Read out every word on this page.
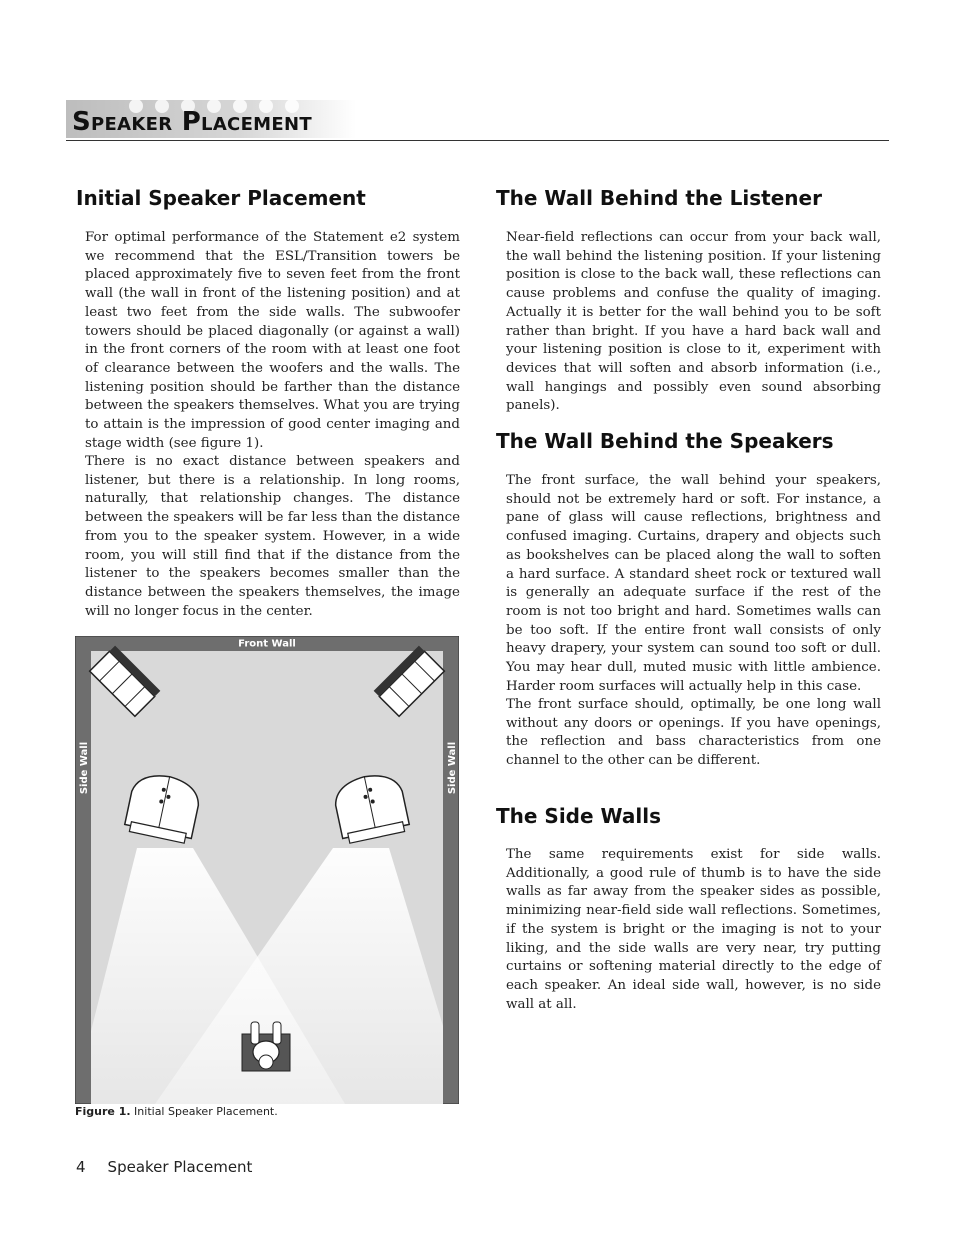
Speaker Placement
Initial Speaker Placement

For optimal performance of the Statement e2 system we recommend that the ESL/Transition towers be placed approximately five to seven feet from the front wall (the wall in front of the listening position) and at least two feet from the side walls. The subwoofer towers should be placed diagonally (or against a wall) in the front corners of the room with at least one foot of clearance between the woofers and the walls. The listening position should be farther than the distance between the speakers themselves. What you are trying to attain is the impression of good center imaging and stage width (see figure 1).

There is no exact distance between speakers and listener, but there is a relationship. In long rooms, naturally, that relationship changes. The distance between the speakers will be far less than the distance from you to the speaker system. However, in a wide room, you will still find that if the distance from the listener to the speakers becomes smaller than the distance between the speakers themselves, the image will no longer focus in the center.

Front Wall
Side Wall	Side Wall

Figure 1. Initial Speaker Placement.

The Wall Behind the Listener

Near-field reflections can occur from your back wall, the wall behind the listening position. If your listening position is close to the back wall, these reflections can cause problems and confuse the quality of imaging. Actually it is better for the wall behind you to be soft rather than bright. If you have a hard back wall and your listening position is close to it, experiment with devices that will soften and absorb information (i.e., wall hangings and possibly even sound absorbing panels).

The Wall Behind the Speakers

The front surface, the wall behind your speakers, should not be extremely hard or soft. For instance, a pane of glass will cause reflections, brightness and confused imaging. Curtains, drapery and objects such as bookshelves can be placed along the wall to soften a hard surface. A standard sheet rock or textured wall is generally an adequate surface if the rest of the room is not too bright and hard. Sometimes walls can be too soft. If the entire front wall consists of only heavy drapery, your system can sound too soft or dull. You may hear dull, muted music with little ambience. Harder room surfaces will actually help in this case.

The front surface should, optimally, be one long wall without any doors or openings. If you have openings, the reflection and bass characteristics from one channel to the other can be different.

The Side Walls

The same requirements exist for side walls. Additionally, a good rule of thumb is to have the side walls as far away from the speaker sides as possible, minimizing near-field side wall reflections. Sometimes, if the system is bright or the imaging is not to your liking, and the side walls are very near, try putting curtains or softening material directly to the edge of each speaker. An ideal side wall, however, is no side wall at all.

4 Speaker Placement
